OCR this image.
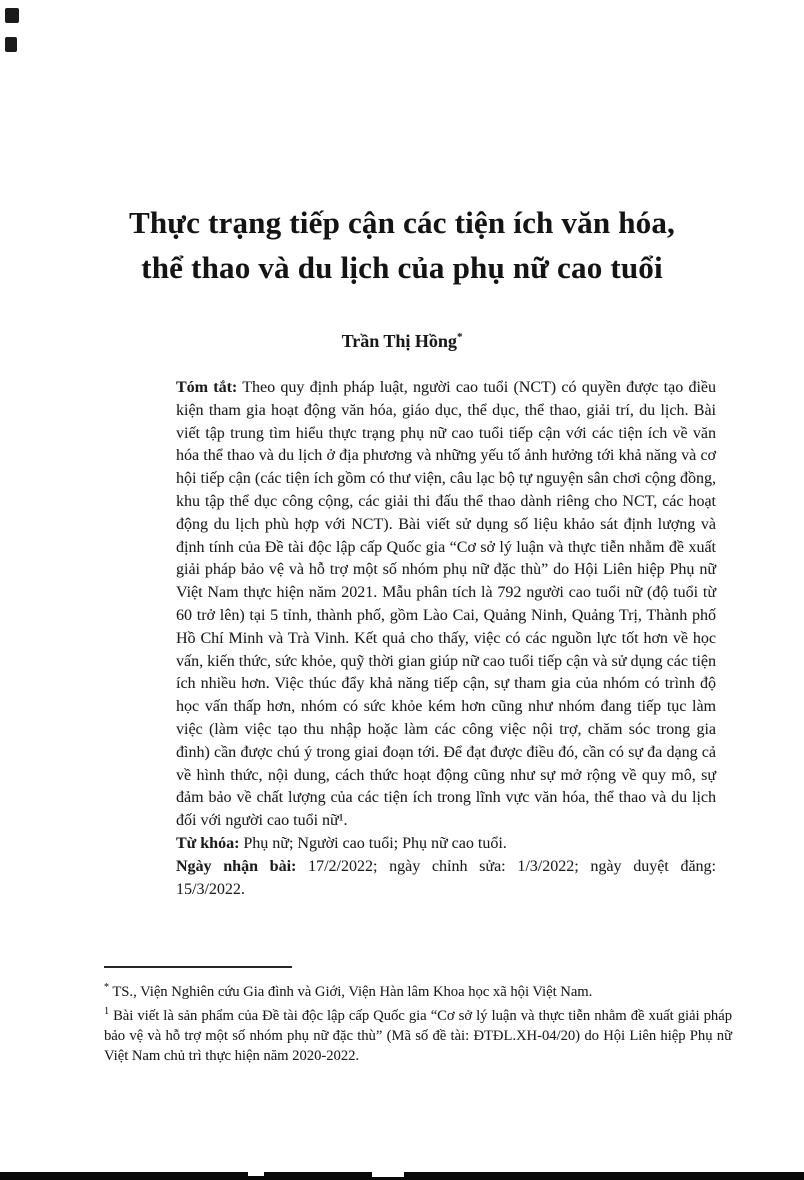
Thực trạng tiếp cận các tiện ích văn hóa,
thể thao và du lịch của phụ nữ cao tuổi
Trần Thị Hồng*

Tóm tắt: Theo quy định pháp luật, người cao tuổi (NCT) có quyền được tạo điều kiện tham gia hoạt động văn hóa, giáo dục, thể dục, thể thao, giải trí, du lịch. Bài viết tập trung tìm hiểu thực trạng phụ nữ cao tuổi tiếp cận với các tiện ích về văn hóa thể thao và du lịch ở địa phương và những yếu tố ảnh hưởng tới khả năng và cơ hội tiếp cận (các tiện ích gồm có thư viện, câu lạc bộ tự nguyện sân chơi cộng đồng, khu tập thể dục công cộng, các giải thi đấu thể thao dành riêng cho NCT, các hoạt động du lịch phù hợp với NCT). Bài viết sử dụng số liệu khảo sát định lượng và định tính của Đề tài độc lập cấp Quốc gia “Cơ sở lý luận và thực tiễn nhằm đề xuất giải pháp bảo vệ và hỗ trợ một số nhóm phụ nữ đặc thù” do Hội Liên hiệp Phụ nữ Việt Nam thực hiện năm 2021. Mẫu phân tích là 792 người cao tuổi nữ (độ tuổi từ 60 trở lên) tại 5 tỉnh, thành phố, gồm Lào Cai, Quảng Ninh, Quảng Trị, Thành phố Hồ Chí Minh và Trà Vinh. Kết quả cho thấy, việc có các nguồn lực tốt hơn về học vấn, kiến thức, sức khỏe, quỹ thời gian giúp nữ cao tuổi tiếp cận và sử dụng các tiện ích nhiều hơn. Việc thúc đẩy khả năng tiếp cận, sự tham gia của nhóm có trình độ học vấn thấp hơn, nhóm có sức khỏe kém hơn cũng như nhóm đang tiếp tục làm việc (làm việc tạo thu nhập hoặc làm các công việc nội trợ, chăm sóc trong gia đình) cần được chú ý trong giai đoạn tới. Để đạt được điều đó, cần có sự đa dạng cả về hình thức, nội dung, cách thức hoạt động cũng như sự mở rộng về quy mô, sự đảm bảo về chất lượng của các tiện ích trong lĩnh vực văn hóa, thể thao và du lịch đối với người cao tuổi nữ¹.

Từ khóa: Phụ nữ; Người cao tuổi; Phụ nữ cao tuổi.

Ngày nhận bài: 17/2/2022; ngày chỉnh sửa: 1/3/2022; ngày duyệt đăng:

15/3/2022.

* TS., Viện Nghiên cứu Gia đình và Giới, Viện Hàn lâm Khoa học xã hội Việt Nam.

$^1$ Bài viết là sản phẩm của Đề tài độc lập cấp Quốc gia “Cơ sở lý luận và thực tiễn nhằm đề xuất giải pháp bảo vệ và hỗ trợ một số nhóm phụ nữ đặc thù” (Mã số đề tài: ĐTĐL.XH-04/20) do Hội Liên hiệp Phụ nữ Việt Nam chủ trì thực hiện năm 2020-2022.
